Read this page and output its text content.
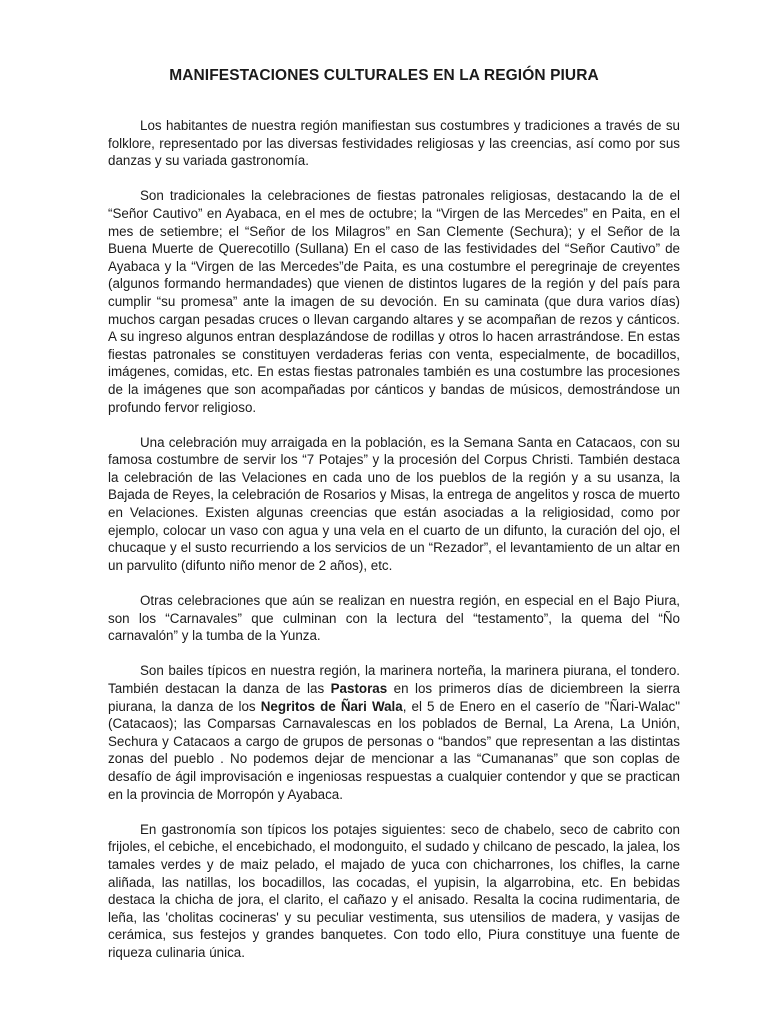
MANIFESTACIONES CULTURALES EN LA REGIÓN PIURA

Los habitantes de nuestra región manifiestan sus costumbres y tradiciones a través de su folklore, representado por las diversas festividades religiosas y las creencias, así como por sus danzas y su variada gastronomía.

Son tradicionales la celebraciones de fiestas patronales religiosas, destacando la de el “Señor Cautivo” en Ayabaca, en el mes de octubre; la “Virgen de las Mercedes” en Paita, en el mes de setiembre; el “Señor de los Milagros” en San Clemente (Sechura); y el Señor de la Buena Muerte de Querecotillo (Sullana) En el caso de las festividades del “Señor Cautivo” de Ayabaca y la “Virgen de las Mercedes”de Paita, es una costumbre el peregrinaje de creyentes (algunos formando hermandades) que vienen de distintos lugares de la región y del país para cumplir “su promesa” ante la imagen de su devoción. En su caminata (que dura varios días) muchos cargan pesadas cruces o llevan cargando altares y se acompañan de rezos y cánticos. A su ingreso algunos entran desplazándose de rodillas y otros lo hacen arrastrándose. En estas fiestas patronales se constituyen verdaderas ferias con venta, especialmente, de bocadillos, imágenes, comidas, etc. En estas fiestas patronales también es una costumbre las procesiones de la imágenes que son acompañadas por cánticos y bandas de músicos, demostrándose un profundo fervor religioso.

Una celebración muy arraigada en la población, es la Semana Santa en Catacaos, con su famosa costumbre de servir los “7 Potajes” y la procesión del Corpus Christi. También destaca la celebración de las Velaciones en cada uno de los pueblos de la región y a su usanza, la Bajada de Reyes, la celebración de Rosarios y Misas, la entrega de angelitos y rosca de muerto en Velaciones. Existen algunas creencias que están asociadas a la religiosidad, como por ejemplo, colocar un vaso con agua y una vela en el cuarto de un difunto, la curación del ojo, el chucaque y el susto recurriendo a los servicios de un “Rezador”, el levantamiento de un altar en un parvulito (difunto niño menor de 2 años), etc.

Otras celebraciones que aún se realizan en nuestra región, en especial en el Bajo Piura, son los “Carnavales” que culminan con la lectura del “testamento”, la quema del “Ño carnavalón” y la tumba de la Yunza.

Son bailes típicos en nuestra región, la marinera norteña, la marinera piurana, el tondero. También destacan la danza de las Pastoras en los primeros días de diciembreen la sierra piurana, la danza de los Negritos de Ñari Wala, el 5 de Enero en el caserío de "Ñari-Walac" (Catacaos); las Comparsas Carnavalescas en los poblados de Bernal, La Arena, La Unión, Sechura y Catacaos a cargo de grupos de personas o “bandos” que representan a las distintas zonas del pueblo . No podemos dejar de mencionar a las “Cumananas” que son coplas de desafío de ágil improvisación e ingeniosas respuestas a cualquier contendor y que se practican en la provincia de Morropón y Ayabaca.

En gastronomía son típicos los potajes siguientes: seco de chabelo, seco de cabrito con frijoles, el cebiche, el encebichado, el modonguito, el sudado y chilcano de pescado, la jalea, los tamales verdes y de maiz pelado, el majado de yuca con chicharrones, los chifles, la carne aliñada, las natillas, los bocadillos, las cocadas, el yupisin, la algarrobina, etc. En bebidas destaca la chicha de jora, el clarito, el cañazo y el anisado. Resalta la cocina rudimentaria, de leña, las 'cholitas cocineras' y su peculiar vestimenta, sus utensilios de madera, y vasijas de cerámica, sus festejos y grandes banquetes. Con todo ello, Piura constituye una fuente de riqueza culinaria única.
